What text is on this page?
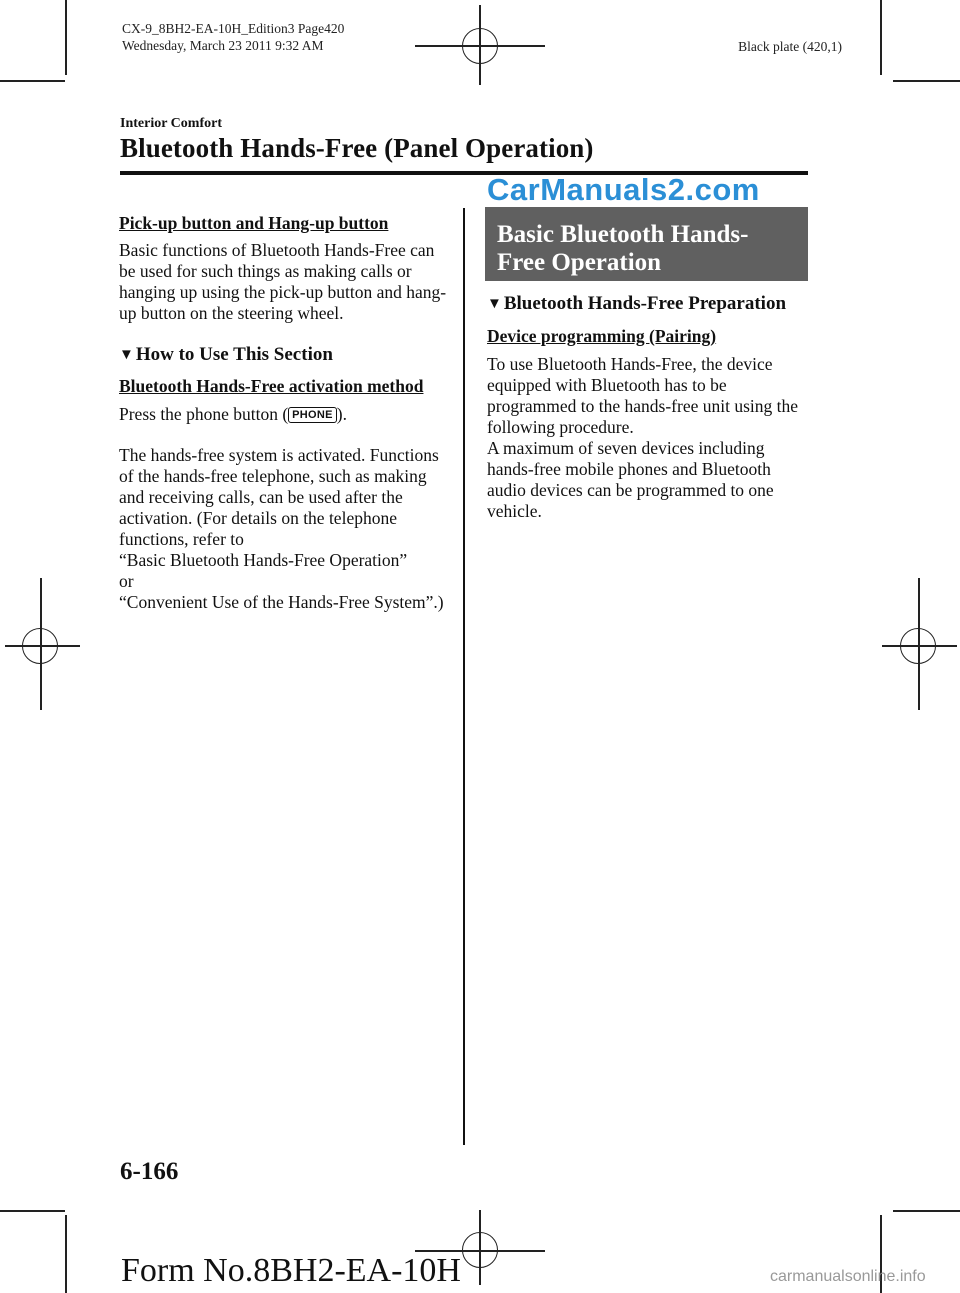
CX-9_8BH2-EA-10H_Edition3 Page420
Wednesday, March 23 2011 9:32 AM	Black plate (420,1)
Interior Comfort
Bluetooth Hands-Free (Panel Operation)

Pick-up button and Hang-up button

Basic functions of Bluetooth Hands-Free can be used for such things as making calls or hanging up using the pick-up button and hang-up button on the steering wheel.

▼ How to Use This Section

Bluetooth Hands-Free activation method

Press the phone button ( PHONE ).

The hands-free system is activated. Functions of the hands-free telephone, such as making and receiving calls, can be used after the activation. (For details on the telephone functions, refer to

“Basic Bluetooth Hands-Free Operation”

or

“Convenient Use of the Hands-Free System”.)

CarManuals2.com
Basic Bluetooth Hands-
Free Operation

▼ Bluetooth Hands-Free Preparation

Device programming (Pairing)

To use Bluetooth Hands-Free, the device equipped with Bluetooth has to be programmed to the hands-free unit using the following procedure.

A maximum of seven devices including hands-free mobile phones and Bluetooth audio devices can be programmed to one vehicle.

6-166
Form No.8BH2-EA-10H	carmanualsonline.info
